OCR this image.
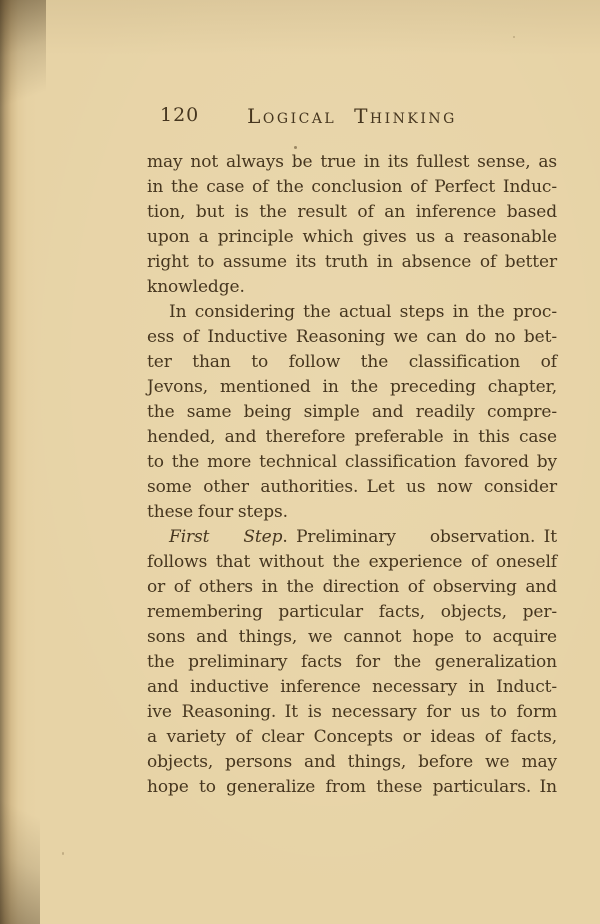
120	Logical Thinking
may not always be true in its fullest sense, as
in the case of the conclusion of Perfect Induc-
tion, but is the result of an inference based
upon a principle which gives us a reasonable
right to assume its truth in absence of better
knowledge.
In considering the actual steps in the proc-
ess of Inductive Reasoning we can do no bet-
ter than to follow the classification of
Jevons, mentioned in the preceding chapter,
the same being simple and readily compre-
hended, and therefore preferable in this case
to the more technical classification favored by
some other authorities. Let us now consider
these four steps.
First Step. Preliminary observation. It
follows that without the experience of oneself
or of others in the direction of observing and
remembering particular facts, objects, per-
sons and things, we cannot hope to acquire
the preliminary facts for the generalization
and inductive inference necessary in Induct-
ive Reasoning. It is necessary for us to form
a variety of clear Concepts or ideas of facts,
objects, persons and things, before we may
hope to generalize from these particulars. In
